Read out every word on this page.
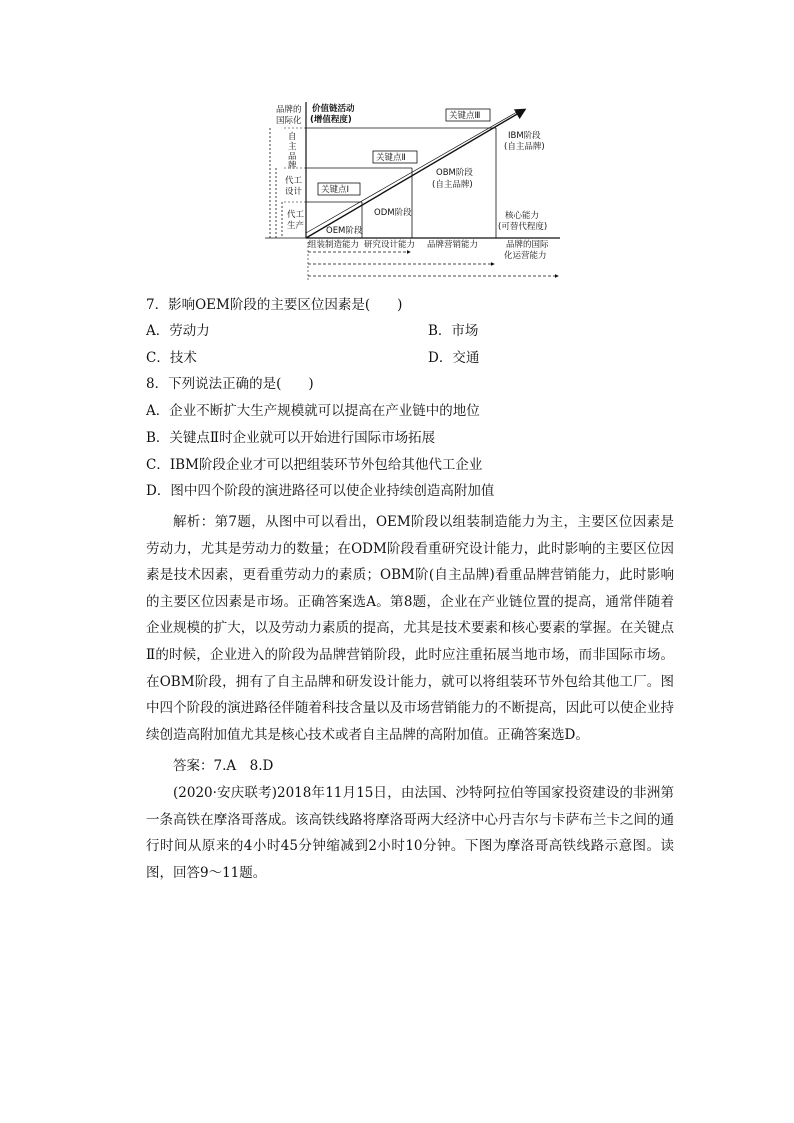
品牌的
国际化
价值链活动
(增值程度)
自
主
品
牌
代工
设计
代工
生产
关键点Ⅰ
关键点Ⅱ
关键点Ⅲ
OEM阶段
ODM阶段
OBM阶段
(自主品牌)
IBM阶段
(自主品牌)
核心能力
(可替代程度)
组装制造能力 研究设计能力 品牌营销能力	品牌的国际
化运营能力
7．影响OEM阶段的主要区位因素是(　　)
A．劳动力	B．市场
C．技术	D．交通
8．下列说法正确的是(　　)
A．企业不断扩大生产规模就可以提高在产业链中的地位
B．关键点Ⅱ时企业就可以开始进行国际市场拓展
C．IBM阶段企业才可以把组装环节外包给其他代工企业
D．图中四个阶段的演进路径可以使企业持续创造高附加值

解析：第7题，从图中可以看出，OEM阶段以组装制造能力为主，主要区位因素是劳动力，尤其是劳动力的数量；在ODM阶段看重研究设计能力，此时影响的主要区位因素是技术因素，更看重劳动力的素质；OBM阶(自主品牌)看重品牌营销能力，此时影响的主要区位因素是市场。正确答案选A。第8题，企业在产业链位置的提高，通常伴随着企业规模的扩大，以及劳动力素质的提高，尤其是技术要素和核心要素的掌握。在关键点Ⅱ的时候，企业进入的阶段为品牌营销阶段，此时应注重拓展当地市场，而非国际市场。在OBM阶段，拥有了自主品牌和研发设计能力，就可以将组装环节外包给其他工厂。图中四个阶段的演进路径伴随着科技含量以及市场营销能力的不断提高，因此可以使企业持续创造高附加值尤其是核心技术或者自主品牌的高附加值。正确答案选D。

答案：7.A　8.D

(2020·安庆联考)2018年11月15日，由法国、沙特阿拉伯等国家投资建设的非洲第一条高铁在摩洛哥落成。该高铁线路将摩洛哥两大经济中心丹吉尔与卡萨布兰卡之间的通行时间从原来的4小时45分钟缩减到2小时10分钟。下图为摩洛哥高铁线路示意图。读图，回答9～11题。
